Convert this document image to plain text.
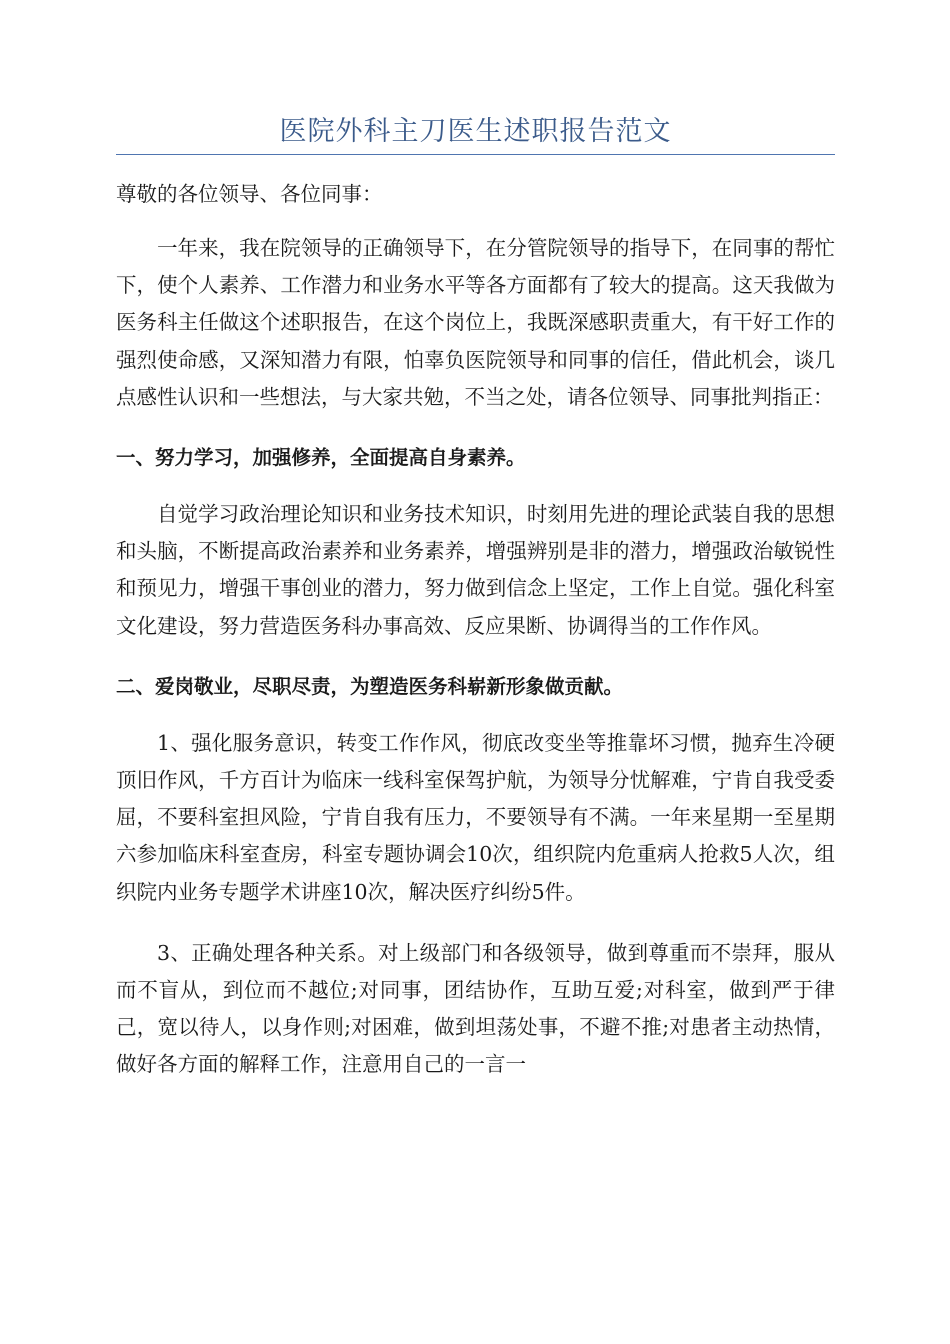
医院外科主刀医生述职报告范文
尊敬的各位领导、各位同事：
一年来，我在院领导的正确领导下，在分管院领导的指导下，在同事的帮忙下，使个人素养、工作潜力和业务水平等各方面都有了较大的提高。这天我做为医务科主任做这个述职报告，在这个岗位上，我既深感职责重大，有干好工作的强烈使命感，又深知潜力有限，怕辜负医院领导和同事的信任，借此机会，谈几点感性认识和一些想法，与大家共勉，不当之处，请各位领导、同事批判指正：
一、努力学习，加强修养，全面提高自身素养。
自觉学习政治理论知识和业务技术知识，时刻用先进的理论武装自我的思想和头脑，不断提高政治素养和业务素养，增强辨别是非的潜力，增强政治敏锐性和预见力，增强干事创业的潜力，努力做到信念上坚定，工作上自觉。强化科室文化建设，努力营造医务科办事高效、反应果断、协调得当的工作作风。
二、爱岗敬业，尽职尽责，为塑造医务科崭新形象做贡献。
1、强化服务意识，转变工作作风，彻底改变坐等推靠坏习惯，抛弃生冷硬顶旧作风，千方百计为临床一线科室保驾护航，为领导分忧解难，宁肯自我受委屈，不要科室担风险，宁肯自我有压力，不要领导有不满。一年来星期一至星期六参加临床科室查房，科室专题协调会10次，组织院内危重病人抢救5人次，组织院内业务专题学术讲座10次，解决医疗纠纷5件。
3、正确处理各种关系。对上级部门和各级领导，做到尊重而不崇拜，服从而不盲从，到位而不越位;对同事，团结协作，互助互爱;对科室，做到严于律己，宽以待人，以身作则;对困难，做到坦荡处事，不避不推;对患者主动热情，做好各方面的解释工作，注意用自己的一言一
